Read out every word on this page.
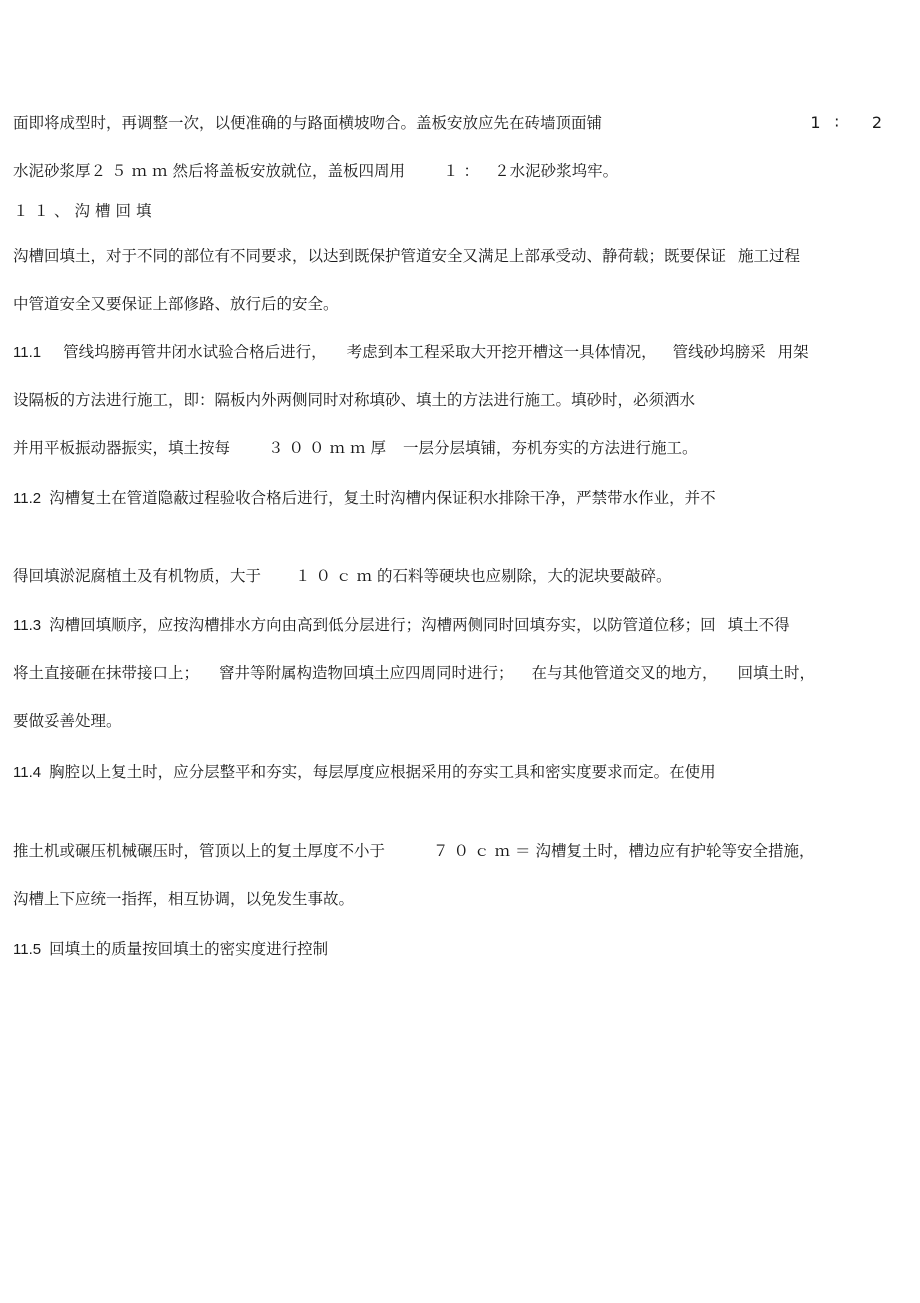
面即将成型时，再调整一次，以便准确的与路面横坡吻合。盖板安放应先在砖墙顶面铺	1∶ 2
水泥砂浆厚２５ｍｍ然后将盖板安放就位，盖板四周用 １： ２水泥砂浆坞牢。
１１、沟槽回填
沟槽回填土，对于不同的部位有不同要求，以达到既保护管道安全又满足上部承受动、静荷载；既要保证 施工过程
中管道安全又要保证上部修路、放行后的安全。
11.1 管线坞膀再管井闭水试验合格后进行， 考虑到本工程采取大开挖开槽这一具体情况， 管线砂坞膀采 用架
设隔板的方法进行施工，即：隔板内外两侧同时对称填砂、填土的方法进行施工。填砂时，必须洒水
并用平板振动器振实，填土按每 ３００ｍｍ厚 一层分层填铺，夯机夯实的方法进行施工。
11.2 沟槽复土在管道隐蔽过程验收合格后进行，复土时沟槽内保证积水排除干净，严禁带水作业，并不
得回填淤泥腐植土及有机物质，大于 １０ｃｍ的石料等硬块也应剔除，大的泥块要敲碎。
11.3 沟槽回填顺序，应按沟槽排水方向由高到低分层进行；沟槽两侧同时回填夯实，以防管道位移；回 填土不得
将土直接砸在抹带接口上； 窨井等附属构造物回填土应四周同时进行； 在与其他管道交叉的地方， 回填土时，
要做妥善处理。
11.4 胸腔以上复土时，应分层整平和夯实，每层厚度应根据采用的夯实工具和密实度要求而定。在使用
推土机或碾压机械碾压时，管顶以上的复土厚度不小于	７０ｃｍ＝沟槽复土时，槽边应有护轮等安全措施，
沟槽上下应统一指挥，相互协调，以免发生事故。
11.5 回填土的质量按回填土的密实度进行控制
